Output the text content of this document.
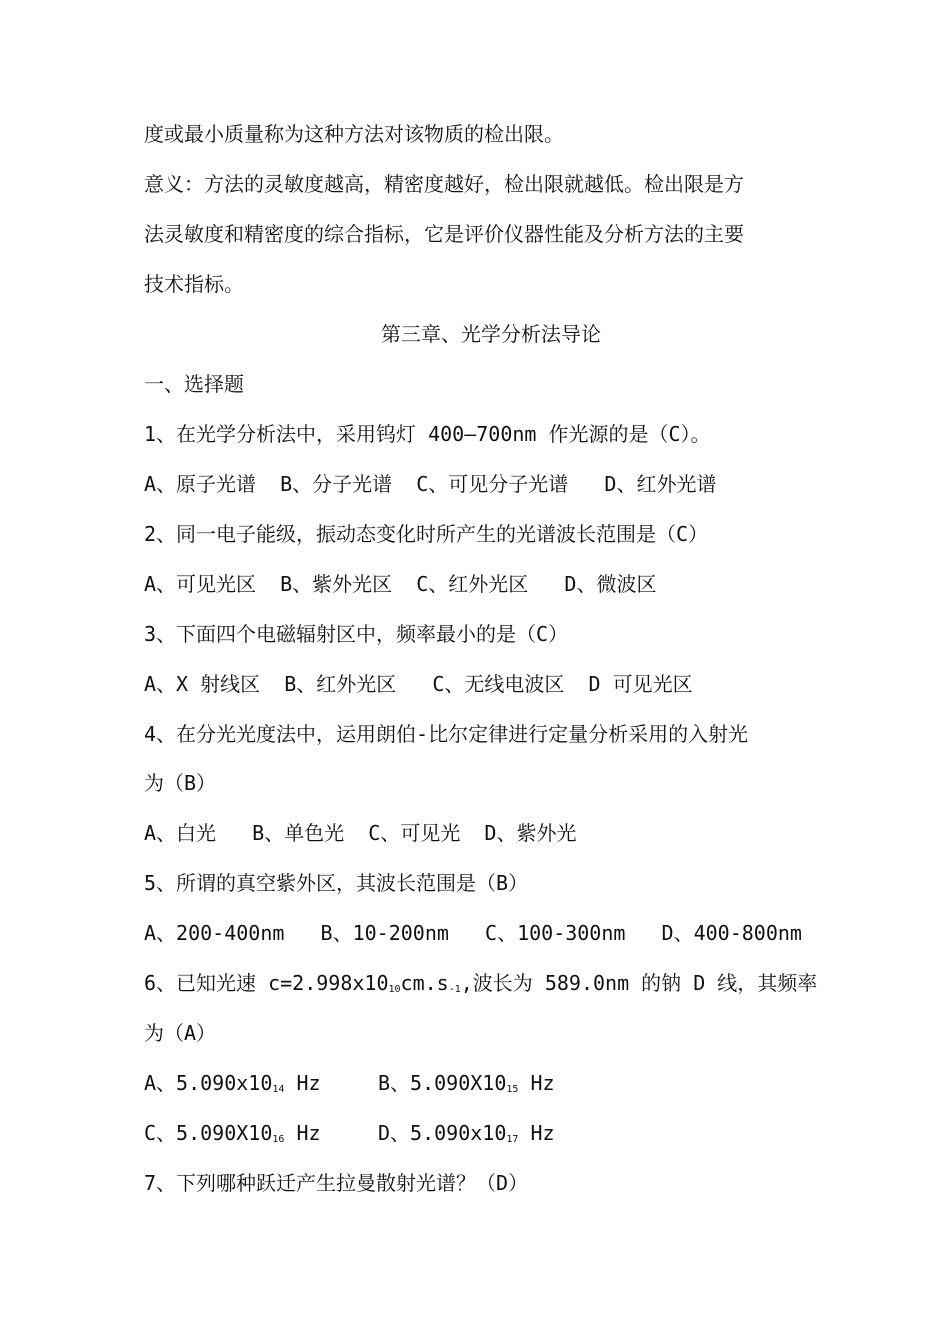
度或最小质量称为这种方法对该物质的检出限。

意义：方法的灵敏度越高，精密度越好，检出限就越低。检出限是方

法灵敏度和精密度的综合指标，它是评价仪器性能及分析方法的主要

技术指标。

第三章、光学分析法导论

一、选择题

1、在光学分析法中，采用钨灯 400—700nm 作光源的是（C）。

A、原子光谱  B、分子光谱  C、可见分子光谱   D、红外光谱

2、同一电子能级，振动态变化时所产生的光谱波长范围是（C）

A、可见光区  B、紫外光区  C、红外光区   D、微波区

3、下面四个电磁辐射区中，频率最小的是（C）

A、X 射线区  B、红外光区   C、无线电波区  D 可见光区

4、在分光光度法中，运用朗伯-比尔定律进行定量分析采用的入射光

为（B）

A、白光   B、单色光  C、可见光  D、紫外光

5、所谓的真空紫外区，其波长范围是（B）

A、200-400nm   B、10-200nm   C、100-300nm   D、400-800nm

6、已知光速 $c=2.998x10_{10}cm.s_{-1}$,波长为 589.0nm 的钠 D 线，其频率

为（A）

A、$5.090x10_{14}$ Hz	B、$5.090X10_{15}$ Hz

C、$5.090X10_{16}$ Hz	D、$5.090x10_{17}$ Hz

7、下列哪种跃迁产生拉曼散射光谱？（D）
